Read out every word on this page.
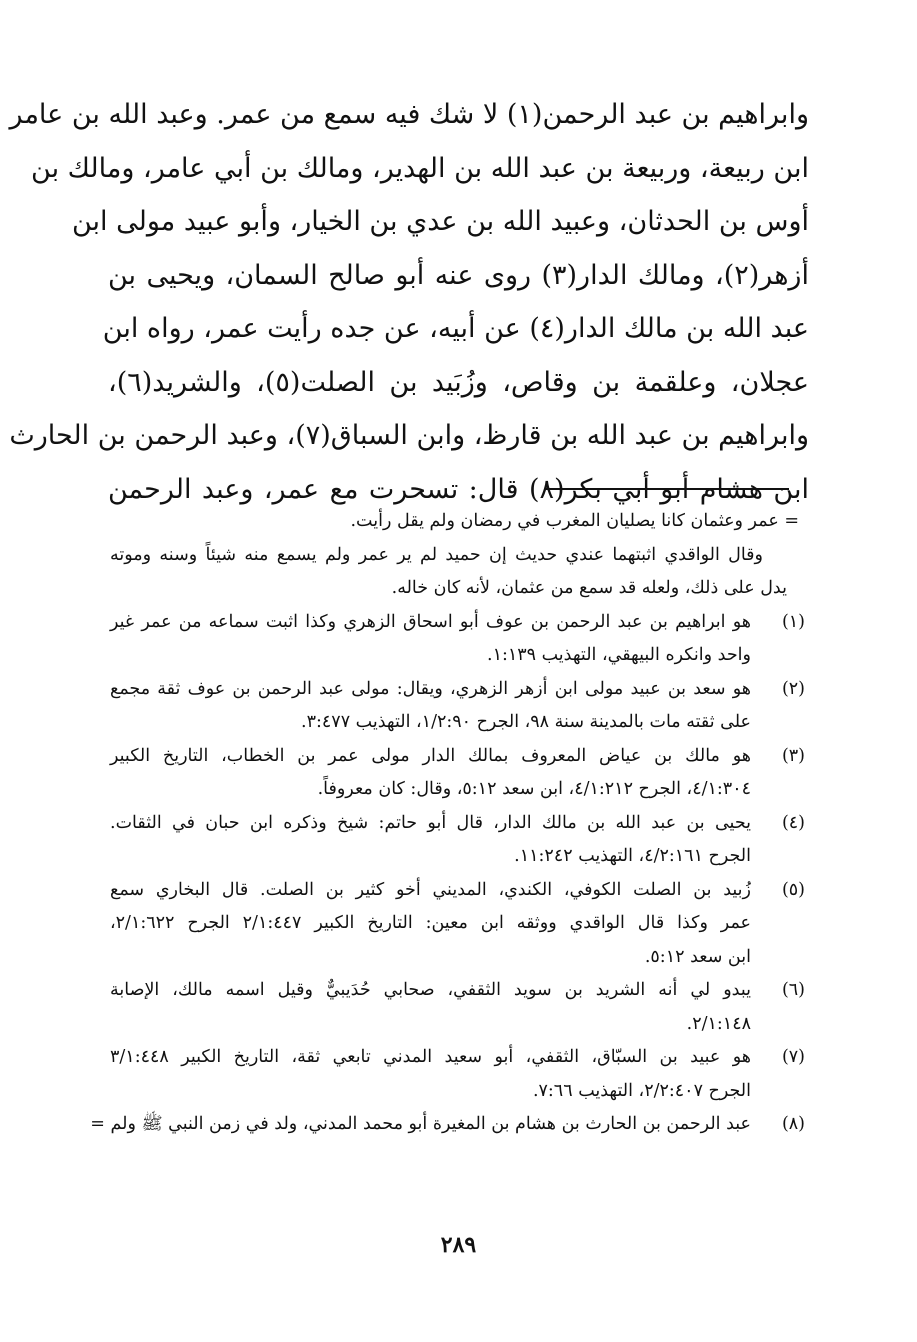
وابراهيم بن عبد الرحمن(١) لا شك فيه سمع من عمر. وعبد الله بن عامر
ابن ربيعة، وربيعة بن عبد الله بن الهدير، ومالك بن أبي عامر، ومالك بن
أوس بن الحدثان، وعبيد الله بن عدي بن الخيار، وأبو عبيد مولى ابن
أزهر(٢)، ومالك الدار(٣) روى عنه أبو صالح السمان، ويحيى بن
عبد الله بن مالك الدار(٤) عن أبيه، عن جده رأيت عمر، رواه ابن
عجلان، وعلقمة بن وقاص، وزُبَيد بن الصلت(٥)، والشريد(٦)،
وابراهيم بن عبد الله بن قارظ، وابن السباق(٧)، وعبد الرحمن بن الحارث
ابن هشام أبو أبي بكر(٨) قال: تسحرت مع عمر، وعبد الرحمن
= عمر وعثمان كانا يصليان المغرب في رمضان ولم يقل رأيت.
وقال الواقدي اثبتهما عندي حديث إن حميد لم ير عمر ولم يسمع منه شيئاً وسنه وموته
يدل على ذلك، ولعله قد سمع من عثمان، لأنه كان خاله.
(١)
هو ابراهيم بن عبد الرحمن بن عوف أبو اسحاق الزهري وكذا اثبت سماعه من عمر غير
واحد وانكره البيهقي، التهذيب ١:١٣٩.
(٢)
هو سعد بن عبيد مولى ابن أزهر الزهري، ويقال: مولى عبد الرحمن بن عوف ثقة مجمع
على ثقته مات بالمدينة سنة ٩٨، الجرح ١/٢:٩٠، التهذيب ٣:٤٧٧.
(٣)
هو مالك بن عياض المعروف بمالك الدار مولى عمر بن الخطاب، التاريخ الكبير
٤/١:٣٠٤، الجرح ٤/١:٢١٢، ابن سعد ٥:١٢، وقال: كان معروفاً.
(٤)
يحيى بن عبد الله بن مالك الدار، قال أبو حاتم: شيخ وذكره ابن حبان في الثقات.
الجرح ٤/٢:١٦١، التهذيب ١١:٢٤٢.
(٥)
زُبيد بن الصلت الكوفي، الكندي، المديني أخو كثير بن الصلت. قال البخاري سمع
عمر وكذا قال الواقدي ووثقه ابن معين: التاريخ الكبير ٢/١:٤٤٧ الجرح ٢/١:٦٢٢،
ابن سعد ٥:١٢.
(٦)
يبدو لي أنه الشريد بن سويد الثقفي، صحابي حُدَيبيٌّ وقيل اسمه مالك، الإصابة
٢/١:١٤٨.
(٧)
هو عبيد بن السبّاق، الثقفي، أبو سعيد المدني تابعي ثقة، التاريخ الكبير ٣/١:٤٤٨
الجرح ٢/٢:٤٠٧، التهذيب ٧:٦٦.
(٨)
عبد الرحمن بن الحارث بن هشام بن المغيرة أبو محمد المدني، ولد في زمن النبي ﷺ ولم =
٢٨٩
